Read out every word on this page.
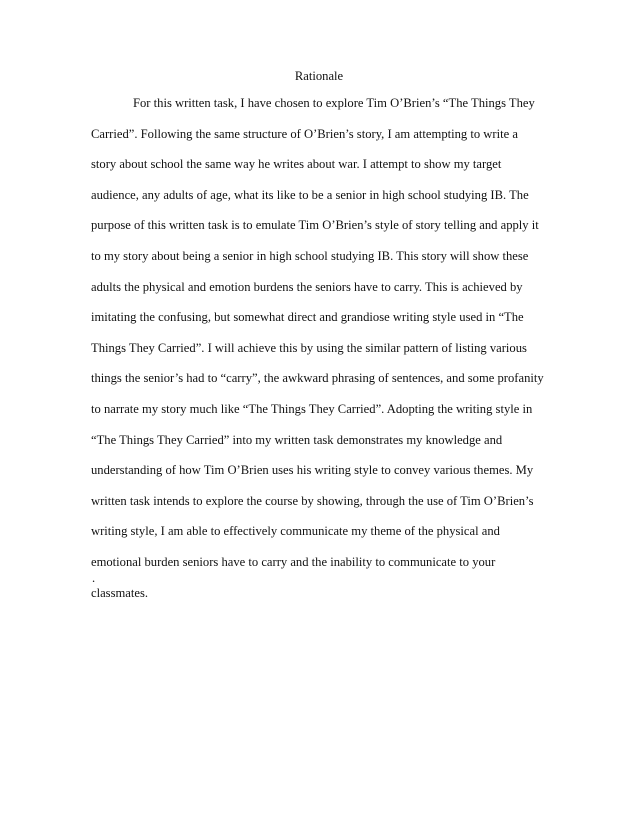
Rationale
For this written task, I have chosen to explore Tim O’Brien’s “The Things They
Carried”. Following the same structure of O’Brien’s story, I am attempting to write a
story about school the same way he writes about war. I attempt to show my target
audience, any adults of age, what its like to be a senior in high school studying IB. The
purpose of this written task is to emulate Tim O’Brien’s style of story telling and apply it
to my story about being a senior in high school studying IB. This story will show these
adults the physical and emotion burdens the seniors have to carry. This is achieved by
imitating the confusing, but somewhat direct and grandiose writing style used in “The
Things They Carried”. I will achieve this by using the similar pattern of listing various
things the senior’s had to “carry”, the awkward phrasing of sentences, and some profanity
to narrate my story much like “The Things They Carried”. Adopting the writing style in
“The Things They Carried” into my written task demonstrates my knowledge and
understanding of how Tim O’Brien uses his writing style to convey various themes. My
written task intends to explore the course by showing, through the use of Tim O’Brien’s
writing style, I am able to effectively communicate my theme of the physical and
emotional burden seniors have to carry and the inability to communicate to your
classmates.
.
